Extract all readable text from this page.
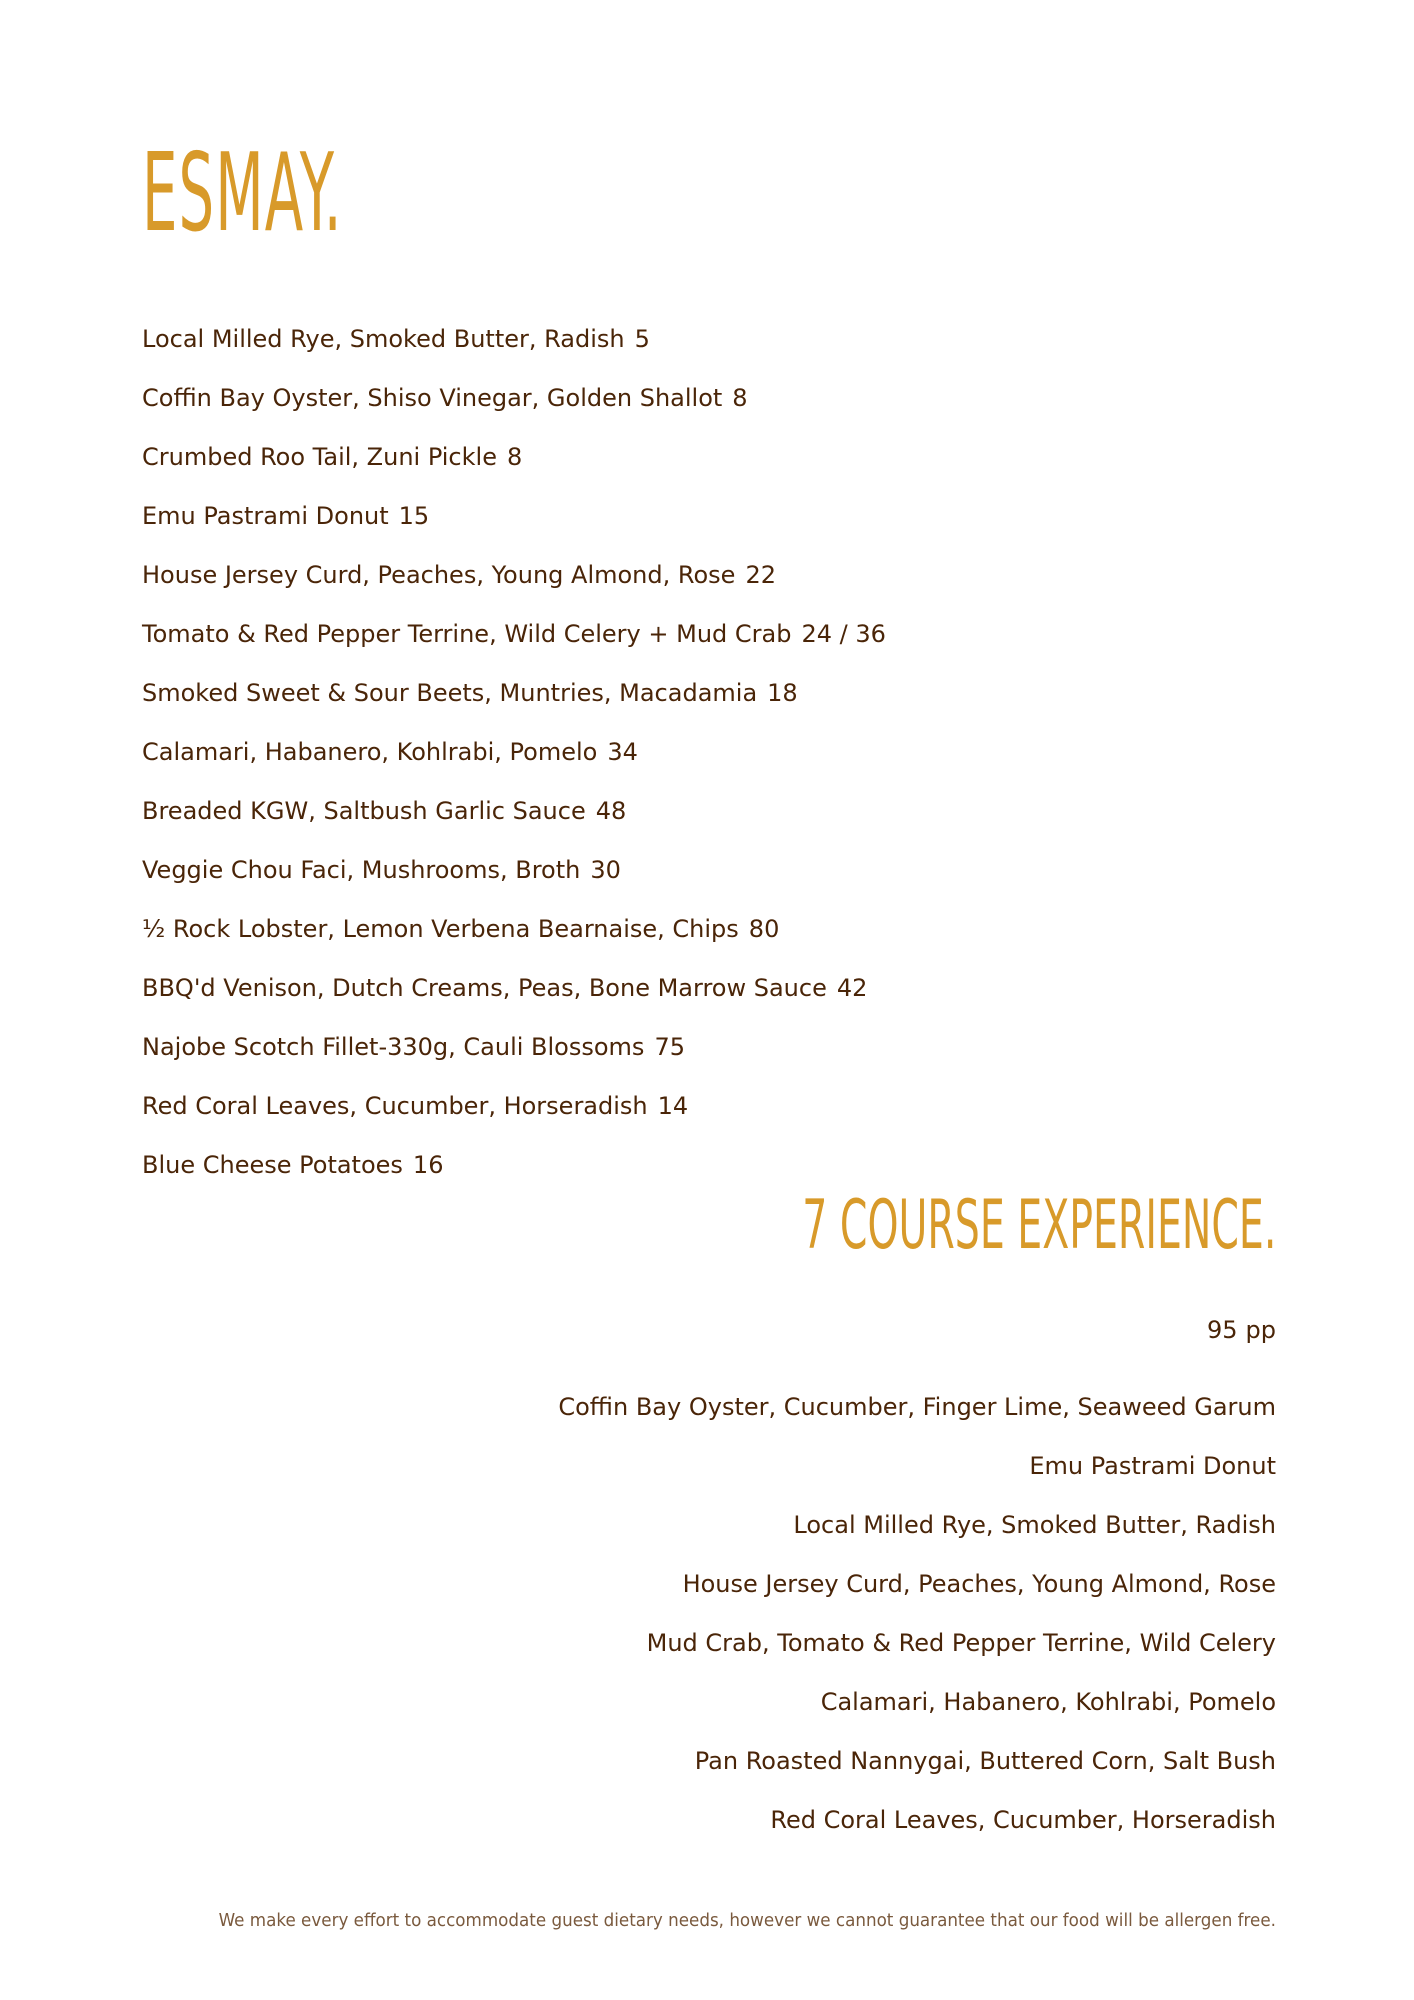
ESMAY.
Local Milled Rye, Smoked Butter, Radish 5
Coffin Bay Oyster, Shiso Vinegar, Golden Shallot 8
Crumbed Roo Tail, Zuni Pickle 8
Emu Pastrami Donut 15
House Jersey Curd, Peaches, Young Almond, Rose 22
Tomato & Red Pepper Terrine, Wild Celery + Mud Crab 24 / 36
Smoked Sweet & Sour Beets, Muntries, Macadamia 18
Calamari, Habanero, Kohlrabi, Pomelo 34
Breaded KGW, Saltbush Garlic Sauce 48
Veggie Chou Faci, Mushrooms, Broth 30
½ Rock Lobster, Lemon Verbena Bearnaise, Chips 80
BBQ'd Venison, Dutch Creams, Peas, Bone Marrow Sauce 42
Najobe Scotch Fillet-330g, Cauli Blossoms 75
Red Coral Leaves, Cucumber, Horseradish 14
Blue Cheese Potatoes 16
7 COURSE EXPERIENCE.
95 pp
Coffin Bay Oyster, Cucumber, Finger Lime, Seaweed Garum
Emu Pastrami Donut
Local Milled Rye, Smoked Butter, Radish
House Jersey Curd, Peaches, Young Almond, Rose
Mud Crab, Tomato & Red Pepper Terrine, Wild Celery
Calamari, Habanero, Kohlrabi, Pomelo
Pan Roasted Nannygai, Buttered Corn, Salt Bush
Red Coral Leaves, Cucumber, Horseradish
We make every effort to accommodate guest dietary needs, however we cannot guarantee that our food will be allergen free.
